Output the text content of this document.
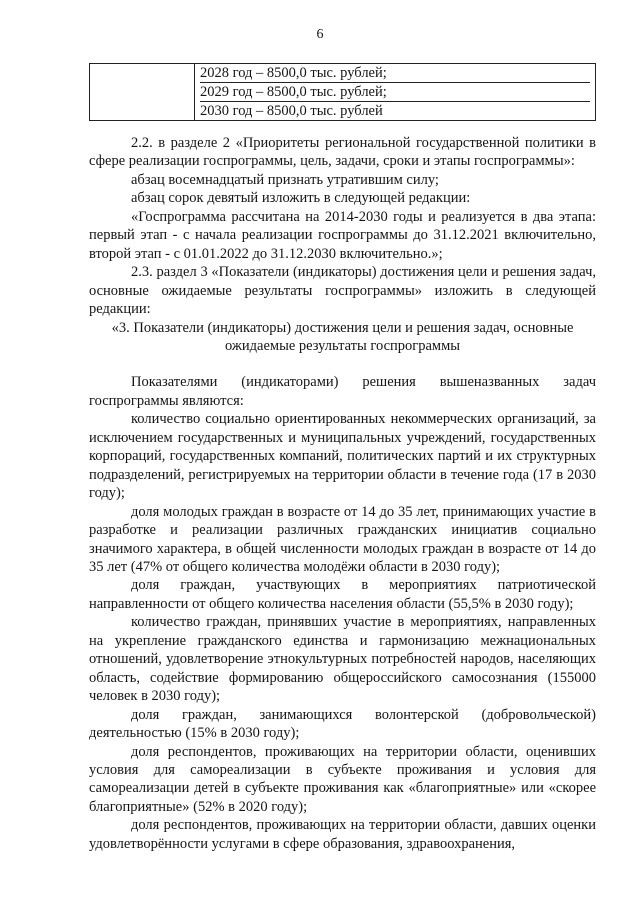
6

2028 год – 8500,0 тыс. рублей;
2029 год – 8500,0 тыс. рублей;
2030 год – 8500,0 тыс. рублей

2.2. в разделе 2 «Приоритеты региональной государственной политики в сфере реализации госпрограммы, цель, задачи, сроки и этапы госпрограммы»:

абзац восемнадцатый признать утратившим силу;

абзац сорок девятый изложить в следующей редакции:

«Госпрограмма рассчитана на 2014-2030 годы и реализуется в два этапа: первый этап - с начала реализации госпрограммы до 31.12.2021 включительно, второй этап - с 01.01.2022 до 31.12.2030 включительно.»;

2.3. раздел 3 «Показатели (индикаторы) достижения цели и решения задач, основные ожидаемые результаты госпрограммы» изложить в следующей редакции:

«3. Показатели (индикаторы) достижения цели и решения задач, основные ожидаемые результаты госпрограммы

Показателями (индикаторами) решения вышеназванных задач госпрограммы являются:

количество социально ориентированных некоммерческих организаций, за исключением государственных и муниципальных учреждений, государственных корпораций, государственных компаний, политических партий и их структурных подразделений, регистрируемых на территории области в течение года (17 в 2030 году);

доля молодых граждан в возрасте от 14 до 35 лет, принимающих участие в разработке и реализации различных гражданских инициатив социально значимого характера, в общей численности молодых граждан в возрасте от 14 до 35 лет (47% от общего количества молодёжи области в 2030 году);

доля граждан, участвующих в мероприятиях патриотической направленности от общего количества населения области (55,5% в 2030 году);

количество граждан, принявших участие в мероприятиях, направленных на укрепление гражданского единства и гармонизацию межнациональных отношений, удовлетворение этнокультурных потребностей народов, населяющих область, содействие формированию общероссийского самосознания (155000 человек в 2030 году);

доля граждан, занимающихся волонтерской (добровольческой) деятельностью (15% в 2030 году);

доля респондентов, проживающих на территории области, оценивших условия для самореализации в субъекте проживания и условия для самореализации детей в субъекте проживания как «благоприятные» или «скорее благоприятные» (52% в 2020 году);

доля респондентов, проживающих на территории области, давших оценки удовлетворённости услугами в сфере образования, здравоохранения,
